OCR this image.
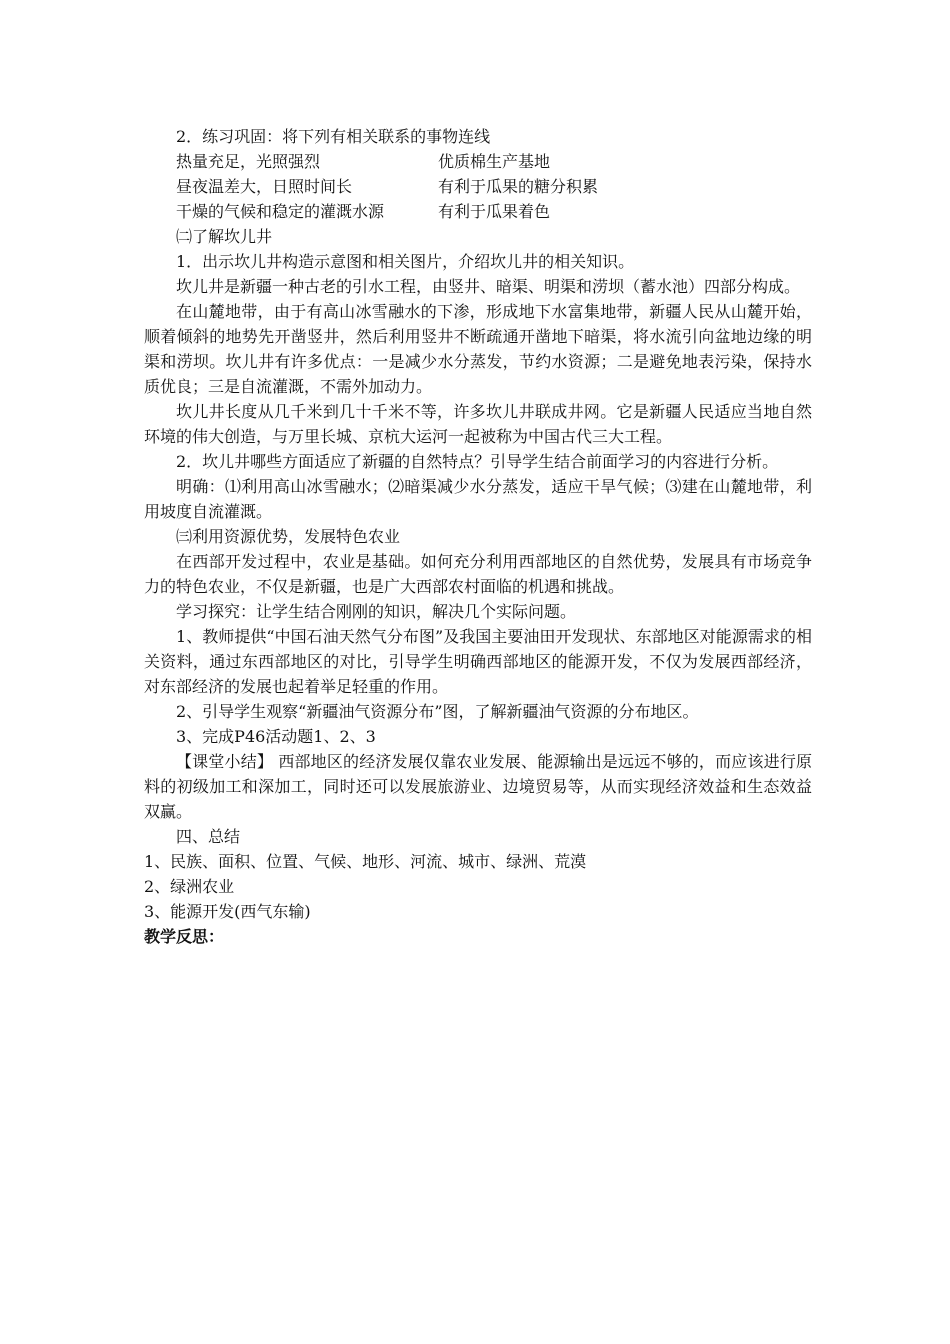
2．练习巩固：将下列有相关联系的事物连线
热量充足，光照强烈	优质棉生产基地
昼夜温差大，日照时间长	有利于瓜果的糖分积累
干燥的气候和稳定的灌溉水源	有利于瓜果着色
㈡了解坎儿井
1．出示坎儿井构造示意图和相关图片，介绍坎儿井的相关知识。
坎儿井是新疆一种古老的引水工程，由竖井、暗渠、明渠和涝坝（蓄水池）四部分构成。
在山麓地带，由于有高山冰雪融水的下渗，形成地下水富集地带，新疆人民从山麓开始，顺着倾斜的地势先开凿竖井，然后利用竖井不断疏通开凿地下暗渠，将水流引向盆地边缘的明渠和涝坝。坎儿井有许多优点：一是减少水分蒸发，节约水资源；二是避免地表污染，保持水质优良；三是自流灌溉，不需外加动力。
坎儿井长度从几千米到几十千米不等，许多坎儿井联成井网。它是新疆人民适应当地自然环境的伟大创造，与万里长城、京杭大运河一起被称为中国古代三大工程。
2．坎儿井哪些方面适应了新疆的自然特点？引导学生结合前面学习的内容进行分析。
明确：⑴利用高山冰雪融水；⑵暗渠减少水分蒸发，适应干旱气候；⑶建在山麓地带，利用坡度自流灌溉。
㈢利用资源优势，发展特色农业
在西部开发过程中，农业是基础。如何充分利用西部地区的自然优势，发展具有市场竞争力的特色农业，不仅是新疆，也是广大西部农村面临的机遇和挑战。
学习探究：让学生结合刚刚的知识，解决几个实际问题。
1、教师提供“中国石油天然气分布图”及我国主要油田开发现状、东部地区对能源需求的相关资料，通过东西部地区的对比，引导学生明确西部地区的能源开发，不仅为发展西部经济，对东部经济的发展也起着举足轻重的作用。
2、引导学生观察“新疆油气资源分布”图，了解新疆油气资源的分布地区。
3、完成P46活动题1、2、3
【课堂小结】 西部地区的经济发展仅靠农业发展、能源输出是远远不够的，而应该进行原料的初级加工和深加工，同时还可以发展旅游业、边境贸易等，从而实现经济效益和生态效益双赢。
四、总结
1、民族、面积、位置、气候、地形、河流、城市、绿洲、荒漠
2、绿洲农业
3、能源开发(西气东输)
教学反思：
